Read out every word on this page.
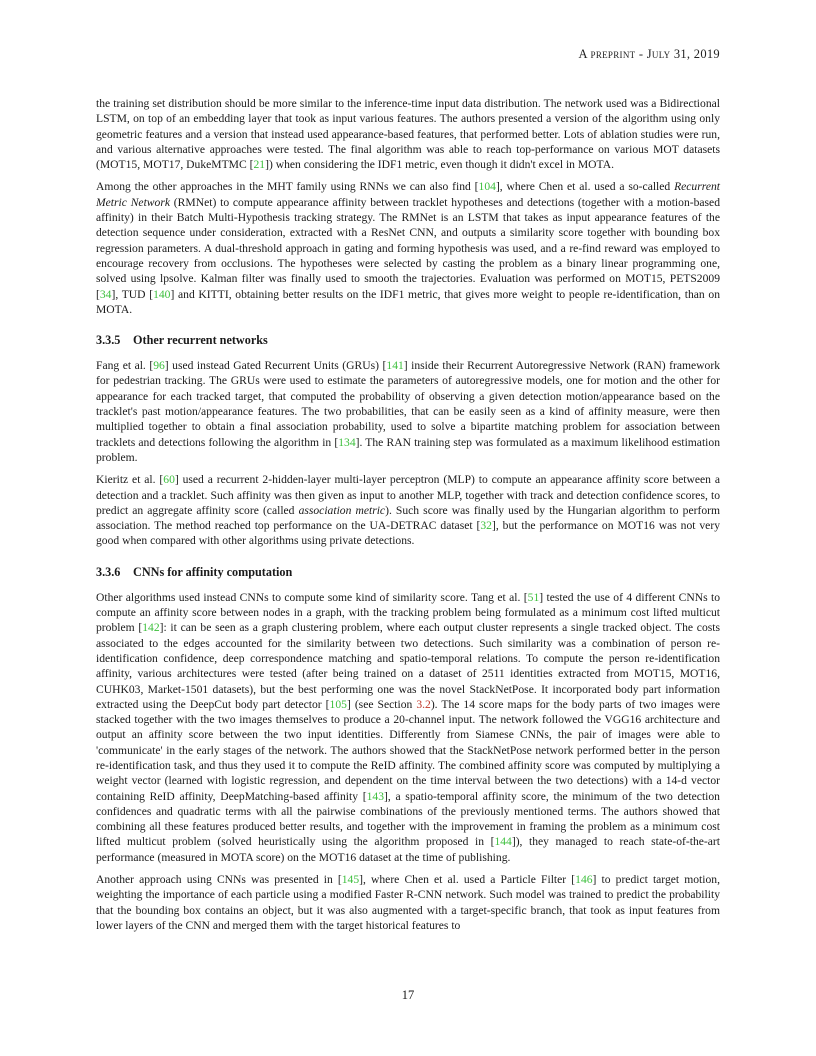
A preprint - July 31, 2019

the training set distribution should be more similar to the inference-time input data distribution. The network used was a Bidirectional LSTM, on top of an embedding layer that took as input various features. The authors presented a version of the algorithm using only geometric features and a version that instead used appearance-based features, that performed better. Lots of ablation studies were run, and various alternative approaches were tested. The final algorithm was able to reach top-performance on various MOT datasets (MOT15, MOT17, DukeMTMC [21]) when considering the IDF1 metric, even though it didn't excel in MOTA.

Among the other approaches in the MHT family using RNNs we can also find [104], where Chen et al. used a so-called Recurrent Metric Network (RMNet) to compute appearance affinity between tracklet hypotheses and detections (together with a motion-based affinity) in their Batch Multi-Hypothesis tracking strategy. The RMNet is an LSTM that takes as input appearance features of the detection sequence under consideration, extracted with a ResNet CNN, and outputs a similarity score together with bounding box regression parameters. A dual-threshold approach in gating and forming hypothesis was used, and a re-find reward was employed to encourage recovery from occlusions. The hypotheses were selected by casting the problem as a binary linear programming one, solved using lpsolve. Kalman filter was finally used to smooth the trajectories. Evaluation was performed on MOT15, PETS2009 [34], TUD [140] and KITTI, obtaining better results on the IDF1 metric, that gives more weight to people re-identification, than on MOTA.

3.3.5 Other recurrent networks

Fang et al. [96] used instead Gated Recurrent Units (GRUs) [141] inside their Recurrent Autoregressive Network (RAN) framework for pedestrian tracking. The GRUs were used to estimate the parameters of autoregressive models, one for motion and the other for appearance for each tracked target, that computed the probability of observing a given detection motion/appearance based on the tracklet's past motion/appearance features. The two probabilities, that can be easily seen as a kind of affinity measure, were then multiplied together to obtain a final association probability, used to solve a bipartite matching problem for association between tracklets and detections following the algorithm in [134]. The RAN training step was formulated as a maximum likelihood estimation problem.

Kieritz et al. [60] used a recurrent 2-hidden-layer multi-layer perceptron (MLP) to compute an appearance affinity score between a detection and a tracklet. Such affinity was then given as input to another MLP, together with track and detection confidence scores, to predict an aggregate affinity score (called association metric). Such score was finally used by the Hungarian algorithm to perform association. The method reached top performance on the UA-DETRAC dataset [32], but the performance on MOT16 was not very good when compared with other algorithms using private detections.

3.3.6 CNNs for affinity computation

Other algorithms used instead CNNs to compute some kind of similarity score. Tang et al. [51] tested the use of 4 different CNNs to compute an affinity score between nodes in a graph, with the tracking problem being formulated as a minimum cost lifted multicut problem [142]: it can be seen as a graph clustering problem, where each output cluster represents a single tracked object. The costs associated to the edges accounted for the similarity between two detections. Such similarity was a combination of person re-identification confidence, deep correspondence matching and spatio-temporal relations. To compute the person re-identification affinity, various architectures were tested (after being trained on a dataset of 2511 identities extracted from MOT15, MOT16, CUHK03, Market-1501 datasets), but the best performing one was the novel StackNetPose. It incorporated body part information extracted using the DeepCut body part detector [105] (see Section 3.2). The 14 score maps for the body parts of two images were stacked together with the two images themselves to produce a 20-channel input. The network followed the VGG16 architecture and output an affinity score between the two input identities. Differently from Siamese CNNs, the pair of images were able to 'communicate' in the early stages of the network. The authors showed that the StackNetPose network performed better in the person re-identification task, and thus they used it to compute the ReID affinity. The combined affinity score was computed by multiplying a weight vector (learned with logistic regression, and dependent on the time interval between the two detections) with a 14-d vector containing ReID affinity, DeepMatching-based affinity [143], a spatio-temporal affinity score, the minimum of the two detection confidences and quadratic terms with all the pairwise combinations of the previously mentioned terms. The authors showed that combining all these features produced better results, and together with the improvement in framing the problem as a minimum cost lifted multicut problem (solved heuristically using the algorithm proposed in [144]), they managed to reach state-of-the-art performance (measured in MOTA score) on the MOT16 dataset at the time of publishing.

Another approach using CNNs was presented in [145], where Chen et al. used a Particle Filter [146] to predict target motion, weighting the importance of each particle using a modified Faster R-CNN network. Such model was trained to predict the probability that the bounding box contains an object, but it was also augmented with a target-specific branch, that took as input features from lower layers of the CNN and merged them with the target historical features to

17
